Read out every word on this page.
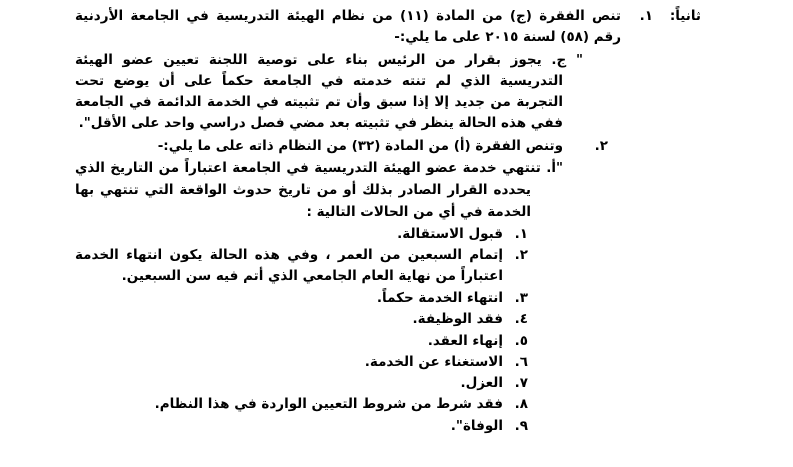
ثانياً:
١.
تنص الفقرة (ج) من المادة (١١) من نظام الهيئة التدريسية في الجامعة الأردنية
رقم (٥٨) لسنة ٢٠١٥ على ما يلي:-
" ج. يجوز بقرار من الرئيس بناء على توصية اللجنة تعيين عضو الهيئة
التدريسية الذي لم تنته خدمته في الجامعة حكماً على أن يوضع تحت
التجربة من جديد إلا إذا سبق وأن تم تثبيته في الخدمة الدائمة في الجامعة
ففي هذه الحالة ينظر في تثبيته بعد مضي فصل دراسي واحد على الأقل".
٢.
وتنص الفقرة (أ) من المادة (٣٢) من النظام ذاته على ما يلي:-
"أ. تنتهي خدمة عضو الهيئة التدريسية في الجامعة اعتباراً من التاريخ الذي
يحدده القرار الصادر بذلك أو من تاريخ حدوث الواقعة التي تنتهي بها
الخدمة في أي من الحالات التالية :
١.
قبول الاستقالة.
٢.
إتمام السبعين من العمر ، وفي هذه الحالة يكون انتهاء الخدمة
اعتباراً من نهاية العام الجامعي الذي أتم فيه سن السبعين.
٣.
انتهاء الخدمة حكماً.
٤.
فقد الوظيفة.
٥.
إنهاء العقد.
٦.
الاستغناء عن الخدمة.
٧.
العزل.
٨.
فقد شرط من شروط التعيين الواردة في هذا النظام.
٩.
الوفاة".
